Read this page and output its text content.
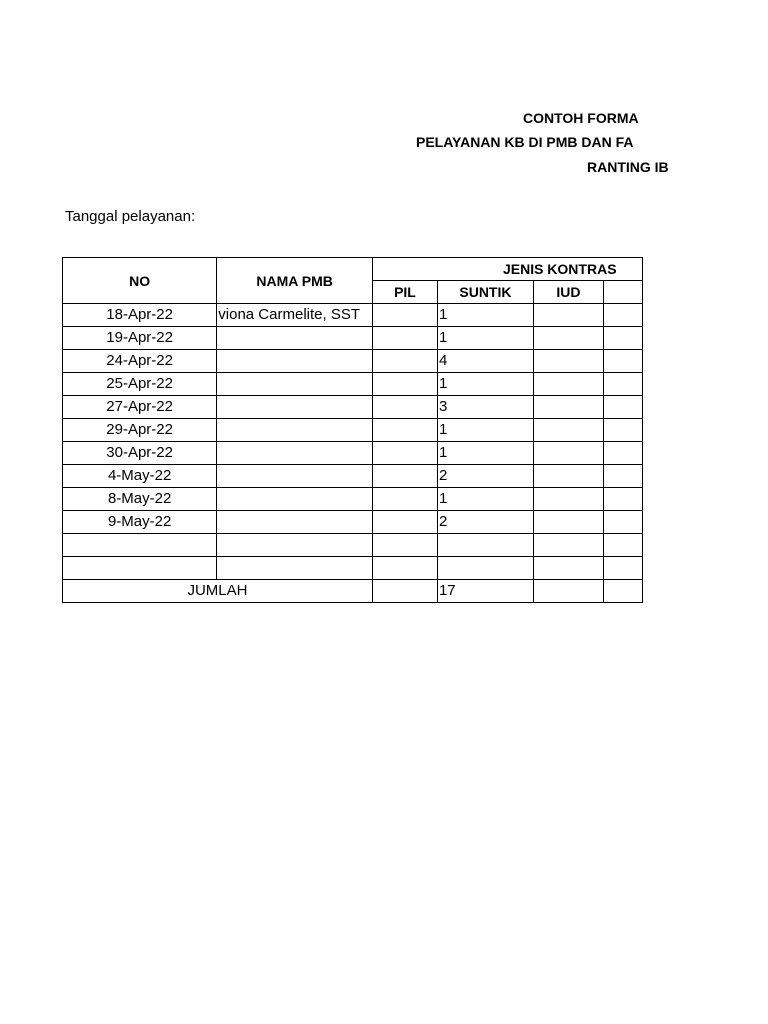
CONTOH FORMA
PELAYANAN KB DI PMB DAN FA
RANTING IB
Tanggal pelayanan:
NO	NAMA PMB	JENIS KONTRAS			
		PIL	SUNTIK	IUD	
18-Apr-22	viona Carmelite, SST		1		
19-Apr-22			1		
24-Apr-22			4		
25-Apr-22			1		
27-Apr-22			3		
29-Apr-22			1		
30-Apr-22			1		
4-May-22			2		
8-May-22			1		
9-May-22			2		

JUMLAH			17		
